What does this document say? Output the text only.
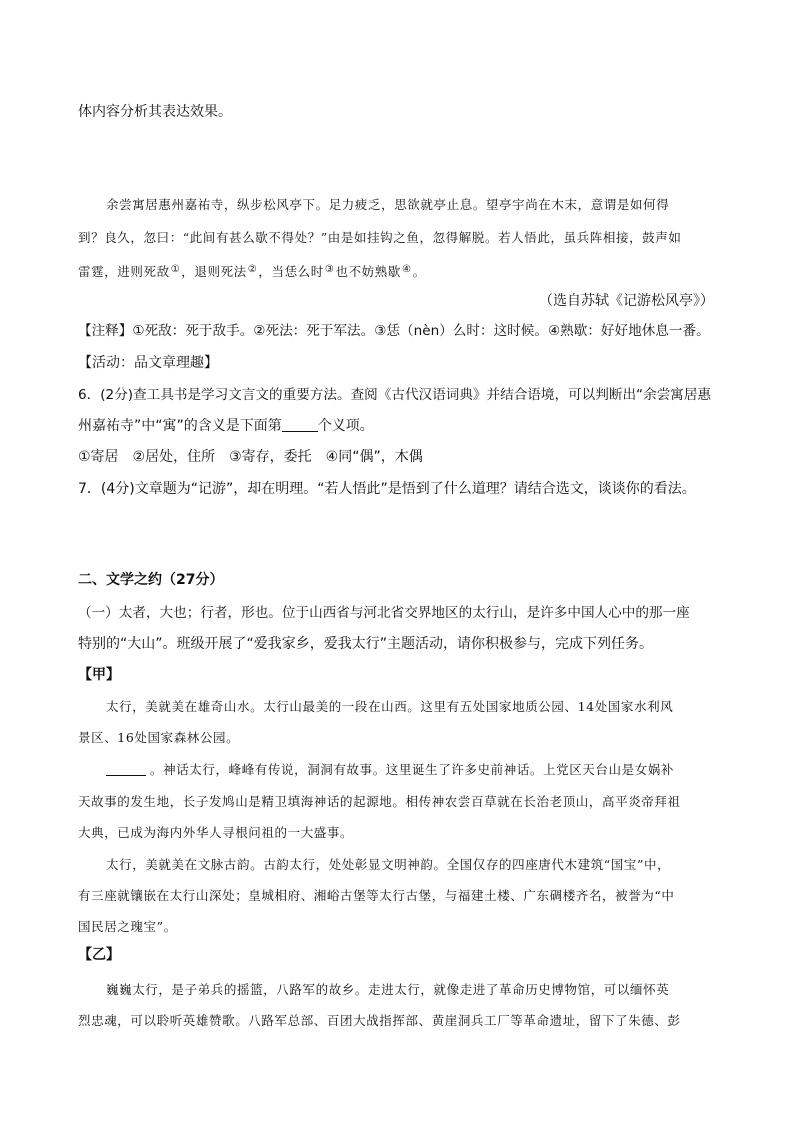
体内容分析其表达效果。
余尝寓居惠州嘉祐寺，纵步松风亭下。足力疲乏，思欲就亭止息。望亭宇尚在木末，意谓是如何得
到？良久，忽曰：“此间有甚么歇不得处？”由是如挂钩之鱼，忽得解脱。若人悟此，虽兵阵相接，鼓声如
雷霆，进则死敌①，退则死法②，当恁么时③也不妨熟歇④。
（选自苏轼《记游松风亭》）
【注释】①死敌：死于敌手。②死法：死于军法。③恁（nèn）么时：这时候。④熟歇：好好地休息一番。
【活动：品文章理趣】
6．(2分)查工具书是学习文言文的重要方法。查阅《古代汉语词典》并结合语境，可以判断出“余尝寓居惠
州嘉祐寺”中“寓”的含义是下面第	个义项。
①寄居　②居处，住所　③寄存，委托　④同“偶”，木偶
7．(4分)文章题为“记游”，却在明理。“若人悟此”是悟到了什么道理？请结合选文，谈谈你的看法。
二、文学之约（27分）
（一）太者，大也；行者，形也。位于山西省与河北省交界地区的太行山，是许多中国人心中的那一座
特别的“大山”。班级开展了“爱我家乡，爱我太行”主题活动，请你积极参与，完成下列任务。
【甲】
太行，美就美在雄奇山水。太行山最美的一段在山西。这里有五处国家地质公园、14处国家水利风
景区、16处国家森林公园。
。神话太行，峰峰有传说，洞洞有故事。这里诞生了许多史前神话。上党区天台山是女娲补
天故事的发生地，长子发鸠山是精卫填海神话的起源地。相传神农尝百草就在长治老顶山，高平炎帝拜祖
大典，已成为海内外华人寻根问祖的一大盛事。
太行，美就美在文脉古韵。古韵太行，处处彰显文明神韵。全国仅存的四座唐代木建筑“国宝”中，
有三座就镶嵌在太行山深处；皇城相府、湘峪古堡等太行古堡，与福建土楼、广东碉楼齐名，被誉为“中
国民居之瑰宝”。
【乙】
巍巍太行，是子弟兵的摇篮，八路军的故乡。走进太行，就像走进了革命历史博物馆，可以缅怀英
烈忠魂，可以聆听英雄赞歌。八路军总部、百团大战指挥部、黄崖洞兵工厂等革命遗址，留下了朱德、彭
